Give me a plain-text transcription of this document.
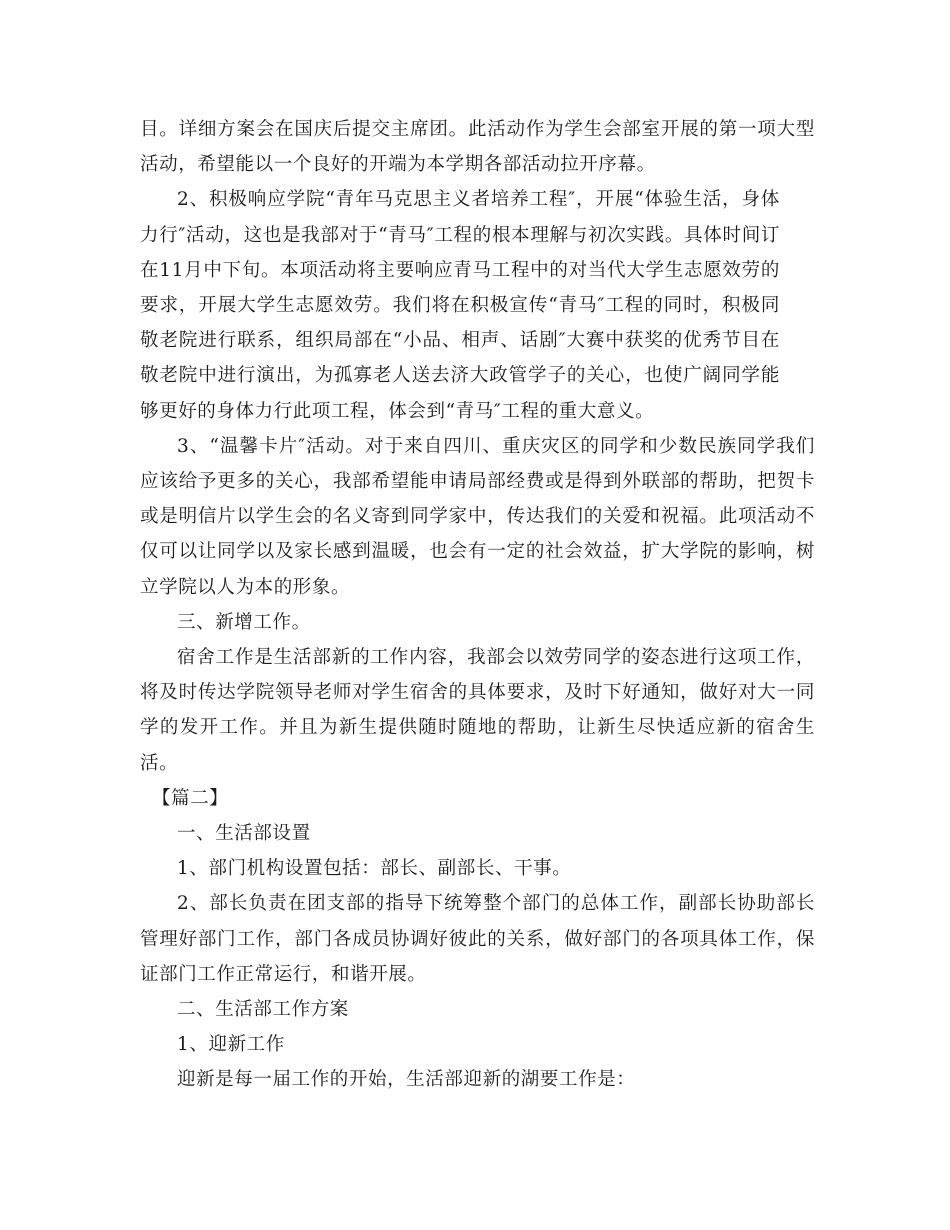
目。详细方案会在国庆后提交主席团。此活动作为学生会部室开展的第一项大型活动，希望能以一个良好的开端为本学期各部活动拉开序幕。

2、积极响应学院“青年马克思主义者培养工程″，开展“体验生活，身体力行″活动，这也是我部对于“青马″工程的根本理解与初次实践。具体时间订在11月中下旬。本项活动将主要响应青马工程中的对当代大学生志愿效劳的要求，开展大学生志愿效劳。我们将在积极宣传“青马″工程的同时，积极同敬老院进行联系，组织局部在“小品、相声、话剧″大赛中获奖的优秀节目在敬老院中进行演出，为孤寡老人送去济大政管学子的关心，也使广阔同学能够更好的身体力行此项工程，体会到“青马″工程的重大意义。

3、“温馨卡片″活动。对于来自四川、重庆灾区的同学和少数民族同学我们应该给予更多的关心，我部希望能申请局部经费或是得到外联部的帮助，把贺卡或是明信片以学生会的名义寄到同学家中，传达我们的关爱和祝福。此项活动不仅可以让同学以及家长感到温暖，也会有一定的社会效益，扩大学院的影响，树立学院以人为本的形象。

三、新增工作。

宿舍工作是生活部新的工作内容，我部会以效劳同学的姿态进行这项工作，将及时传达学院领导老师对学生宿舍的具体要求，及时下好通知，做好对大一同学的发开工作。并且为新生提供随时随地的帮助，让新生尽快适应新的宿舍生活。

【篇二】

一、生活部设置

1、部门机构设置包括：部长、副部长、干事。

2、部长负责在团支部的指导下统筹整个部门的总体工作，副部长协助部长管理好部门工作，部门各成员协调好彼此的关系，做好部门的各项具体工作，保证部门工作正常运行，和谐开展。

二、生活部工作方案

1、迎新工作

迎新是每一届工作的开始，生活部迎新的湖要工作是：
